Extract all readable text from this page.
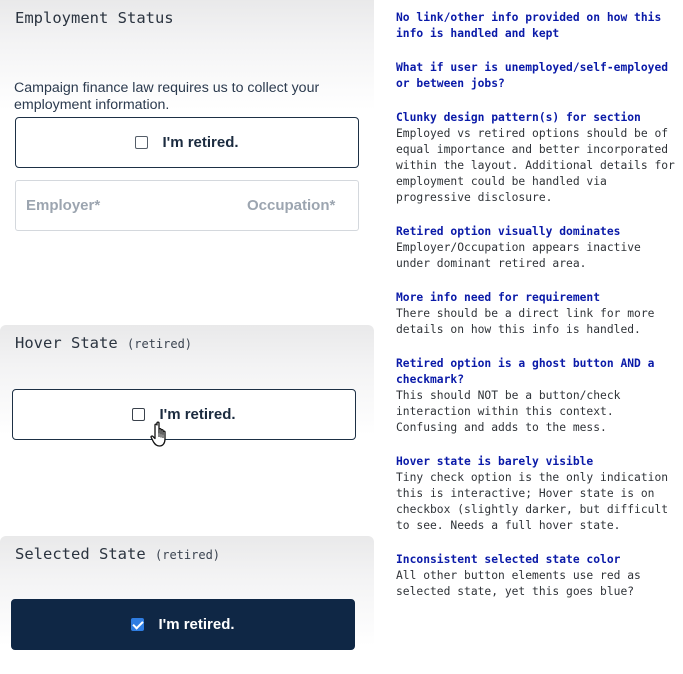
Employment Status

Campaign finance law requires us to collect your employment information.

I'm retired.
Employer*
Occupation*
Hover State (retired)
I'm retired.
Selected State (retired)
I'm retired.
No link/other info provided on how this info is handled and kept
What if user is unemployed/self-employed or between jobs?
Clunky design pattern(s) for section
Employed vs retired options should be of equal importance and better incorporated within the layout. Additional details for employment could be handled via progressive disclosure.
Retired option visually dominates
Employer/Occupation appears inactive under dominant retired area.
More info need for requirement
There should be a direct link for more details on how this info is handled.
Retired option is a ghost button AND a checkmark?
This should NOT be a button/check interaction within this context. Confusing and adds to the mess.
Hover state is barely visible
Tiny check option is the only indication this is interactive; Hover state is on checkbox (slightly darker, but difficult to see. Needs a full hover state.
Inconsistent selected state color
All other button elements use red as selected state, yet this goes blue?
